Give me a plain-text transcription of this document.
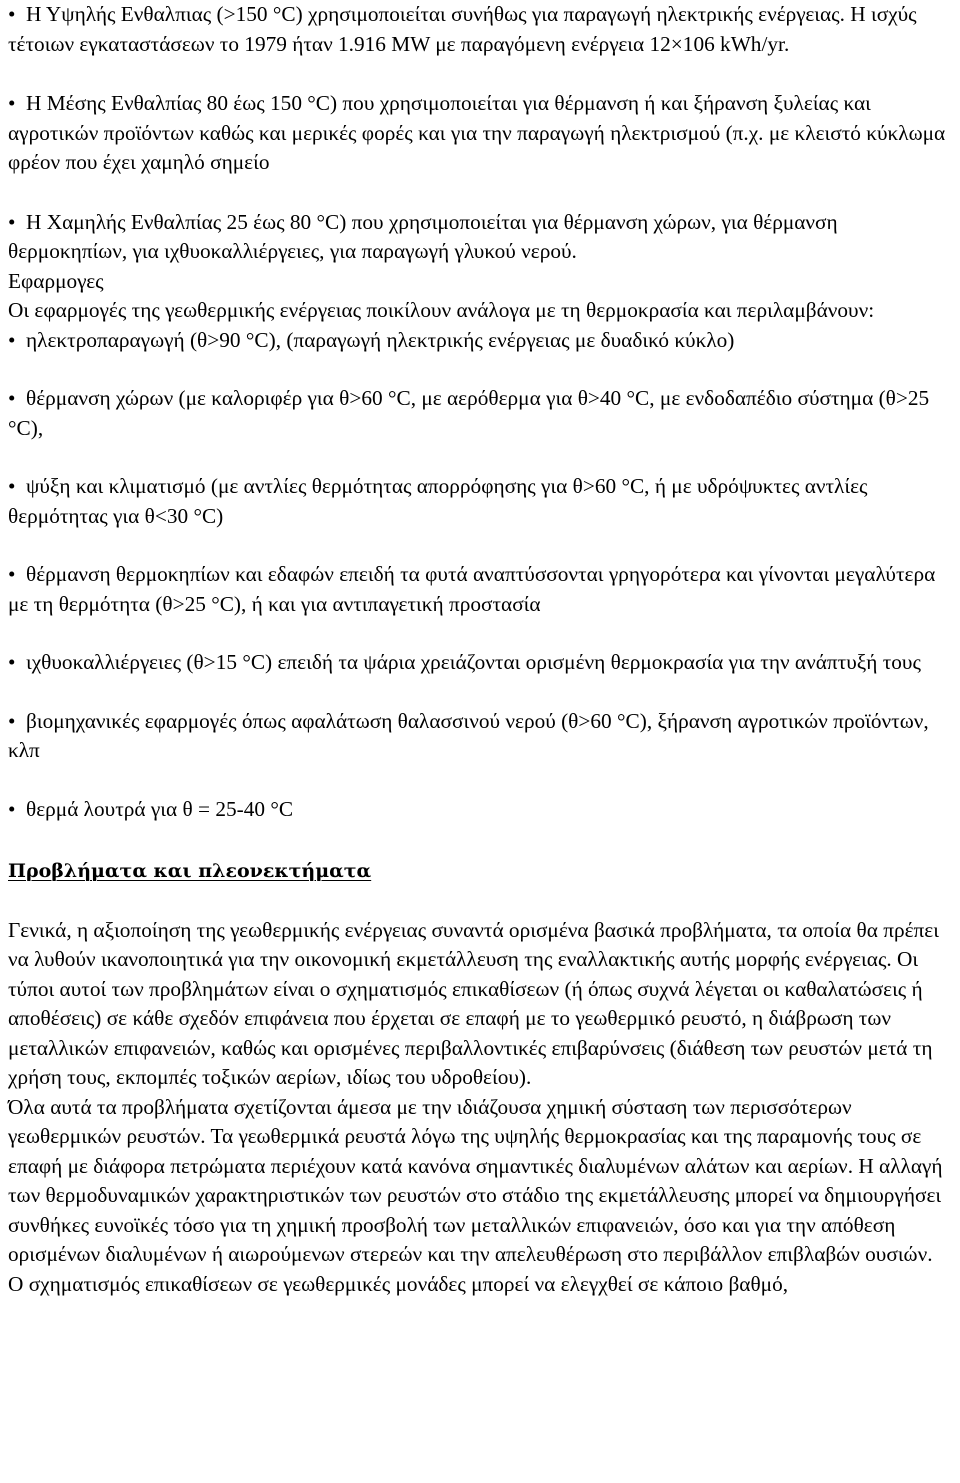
• Η Υψηλής Ενθαλπιας (>150 °C) χρησιμοποιείται συνήθως για παραγωγή ηλεκτρικής ενέργειας. Η ισχύς τέτοιων εγκαταστάσεων το 1979 ήταν 1.916 MW με παραγόμενη ενέργεια 12×106 kWh/yr.

• Η Μέσης Ενθαλπίας 80 έως 150 °C) που χρησιμοποιείται για θέρμανση ή και ξήρανση ξυλείας και αγροτικών προϊόντων καθώς και μερικές φορές και για την παραγωγή ηλεκτρισμού (π.χ. με κλειστό κύκλωμα φρέον που έχει χαμηλό σημείο

• Η Χαμηλής Ενθαλπίας 25 έως 80 °C) που χρησιμοποιείται για θέρμανση χώρων, για θέρμανση θερμοκηπίων, για ιχθυοκαλλιέργειες, για παραγωγή γλυκού νερού.

Εφαρμογες

Οι εφαρμογές της γεωθερμικής ενέργειας ποικίλουν ανάλογα με τη θερμοκρασία και περιλαμβάνουν:

• ηλεκτροπαραγωγή (θ>90 °C), (παραγωγή ηλεκτρικής ενέργειας με δυαδικό κύκλο)

• θέρμανση χώρων (με καλοριφέρ για θ>60 °C, με αερόθερμα για θ>40 °C, με ενδοδαπέδιο σύστημα (θ>25 °C),

• ψύξη και κλιματισμό (με αντλίες θερμότητας απορρόφησης για θ>60 °C, ή με υδρόψυκτες αντλίες θερμότητας για θ<30 °C)

• θέρμανση θερμοκηπίων και εδαφών επειδή τα φυτά αναπτύσσονται γρηγορότερα και γίνονται μεγαλύτερα με τη θερμότητα (θ>25 °C), ή και για αντιπαγετική προστασία

• ιχθυοκαλλιέργειες (θ>15 °C) επειδή τα ψάρια χρειάζονται ορισμένη θερμοκρασία για την ανάπτυξή τους

• βιομηχανικές εφαρμογές όπως αφαλάτωση θαλασσινού νερού (θ>60 °C), ξήρανση αγροτικών προϊόντων, κλπ

• θερμά λουτρά για θ = 25-40 °C

Προβλήματα και πλεονεκτήματα

Γενικά, η αξιοποίηση της γεωθερμικής ενέργειας συναντά ορισμένα βασικά προβλήματα, τα οποία θα πρέπει να λυθούν ικανοποιητικά για την οικονομική εκμετάλλευση της εναλλακτικής αυτής μορφής ενέργειας. Οι τύποι αυτοί των προβλημάτων είναι ο σχηματισμός επικαθίσεων (ή όπως συχνά λέγεται οι καθαλατώσεις ή αποθέσεις) σε κάθε σχεδόν επιφάνεια που έρχεται σε επαφή με το γεωθερμικό ρευστό, η διάβρωση των μεταλλικών επιφανειών, καθώς και ορισμένες περιβαλλοντικές επιβαρύνσεις (διάθεση των ρευστών μετά τη χρήση τους, εκπομπές τοξικών αερίων, ιδίως του υδροθείου).

Όλα αυτά τα προβλήματα σχετίζονται άμεσα με την ιδιάζουσα χημική σύσταση των περισσότερων γεωθερμικών ρευστών. Τα γεωθερμικά ρευστά λόγω της υψηλής θερμοκρασίας και της παραμονής τους σε επαφή με διάφορα πετρώματα περιέχουν κατά κανόνα σημαντικές διαλυμένων αλάτων και αερίων. Η αλλαγή των θερμοδυναμικών χαρακτηριστικών των ρευστών στο στάδιο της εκμετάλλευσης μπορεί να δημιουργήσει συνθήκες ευνοϊκές τόσο για τη χημική προσβολή των μεταλλικών επιφανειών, όσο και για την απόθεση ορισμένων διαλυμένων ή αιωρούμενων στερεών και την απελευθέρωση στο περιβάλλον επιβλαβών ουσιών.

Ο σχηματισμός επικαθίσεων σε γεωθερμικές μονάδες μπορεί να ελεγχθεί σε κάποιο βαθμό,
